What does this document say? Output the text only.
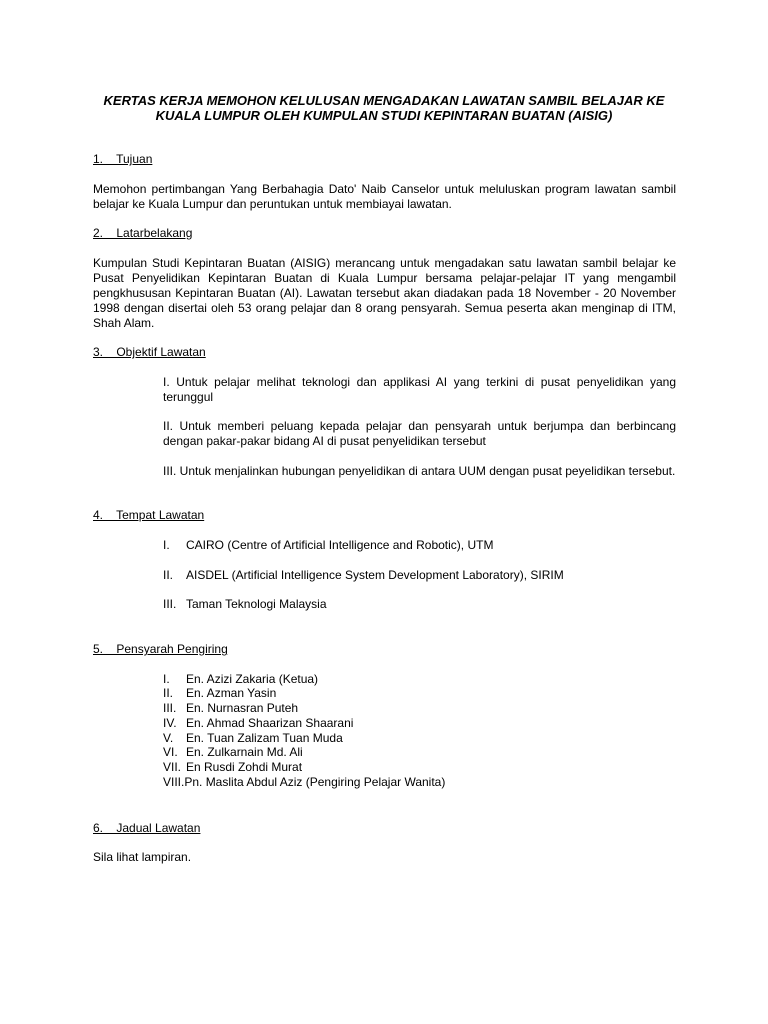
KERTAS KERJA MEMOHON KELULUSAN MENGADAKAN LAWATAN SAMBIL BELAJAR KE
KUALA LUMPUR OLEH KUMPULAN STUDI KEPINTARAN BUATAN (AISIG)
1.    Tujuan
Memohon pertimbangan Yang Berbahagia Dato' Naib Canselor untuk meluluskan program lawatan sambil belajar ke Kuala Lumpur dan peruntukan untuk membiayai lawatan.
2.    Latarbelakang
Kumpulan Studi Kepintaran Buatan (AISIG) merancang untuk mengadakan satu lawatan sambil belajar ke Pusat Penyelidikan Kepintaran Buatan di Kuala Lumpur bersama pelajar-pelajar IT yang mengambil pengkhususan Kepintaran Buatan (AI). Lawatan tersebut akan diadakan pada 18 November - 20 November 1998 dengan disertai oleh 53 orang pelajar dan 8 orang pensyarah. Semua peserta akan menginap di ITM, Shah Alam.
3.    Objektif Lawatan
I. Untuk pelajar melihat teknologi dan applikasi AI yang terkini di pusat penyelidikan yang terunggul
II. Untuk memberi peluang kepada pelajar dan pensyarah untuk berjumpa dan berbincang dengan pakar-pakar bidang AI di pusat penyelidikan tersebut
III. Untuk menjalinkan hubungan penyelidikan di antara UUM dengan pusat peyelidikan tersebut.
4.    Tempat Lawatan
I.	CAIRO (Centre of Artificial Intelligence and Robotic), UTM
II.	AISDEL (Artificial Intelligence System Development Laboratory), SIRIM
III. Taman Teknologi Malaysia
5.    Pensyarah Pengiring
I.	En. Azizi Zakaria (Ketua)
II.	En. Azman Yasin
III. En. Nurnasran Puteh
IV. En. Ahmad Shaarizan Shaarani
V.	En. Tuan Zalizam Tuan Muda
VI. En. Zulkarnain Md. Ali
VII. En Rusdi Zohdi Murat
VIII. Pn. Maslita Abdul Aziz (Pengiring Pelajar Wanita)
6.    Jadual Lawatan
Sila lihat lampiran.
